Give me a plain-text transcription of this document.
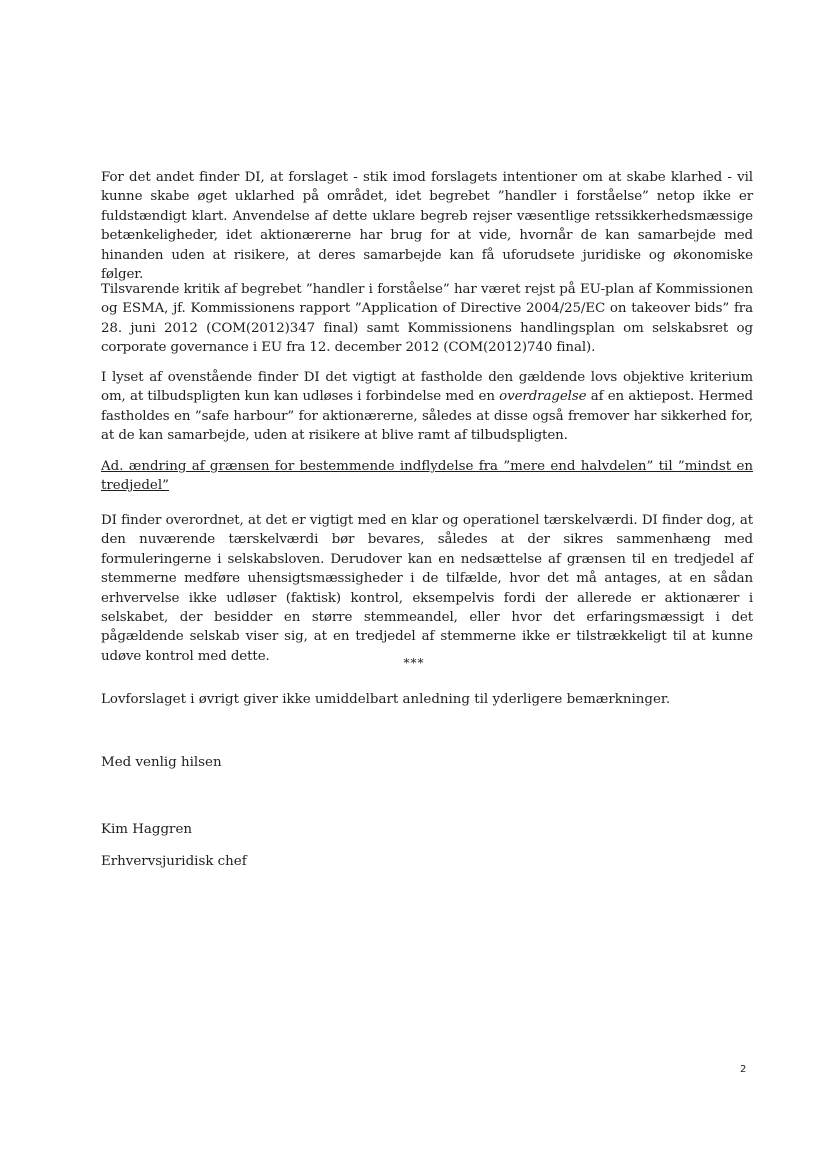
For det andet finder DI, at forslaget - stik imod forslagets intentioner om at skabe klarhed - vil kunne skabe øget uklarhed på området, idet begrebet ”handler i forståelse” netop ikke er fuldstændigt klart. Anvendelse af dette uklare begreb rejser væsentlige retssikkerhedsmæssige betænkeligheder, idet aktionærerne har brug for at vide, hvornår de kan samarbejde med hinanden uden at risikere, at deres samarbejde kan få uforudsete juridiske og økonomiske følger.

Tilsvarende kritik af begrebet ”handler i forståelse” har været rejst på EU-plan af Kommissionen og ESMA, jf. Kommissionens rapport ”Application of Directive 2004/25/EC on takeover bids” fra 28. juni 2012 (COM(2012)347 final) samt Kommissionens handlingsplan om selskabsret og corporate governance i EU fra 12. december 2012 (COM(2012)740 final).

I lyset af ovenstående finder DI det vigtigt at fastholde den gældende lovs objektive kriterium om, at tilbudspligten kun kan udløses i forbindelse med en overdragelse af en aktiepost. Hermed fastholdes en ”safe harbour” for aktionærerne, således at disse også fremover har sikkerhed for, at de kan samarbejde, uden at risikere at blive ramt af tilbudspligten.

Ad. ændring af grænsen for bestemmende indflydelse fra ”mere end halvdelen” til ”mindst en tredjedel”

DI finder overordnet, at det er vigtigt med en klar og operationel tærskelværdi. DI finder dog, at den nuværende tærskelværdi bør bevares, således at der sikres sammenhæng med formuleringerne i selskabsloven. Derudover kan en nedsættelse af grænsen til en tredjedel af stemmerne medføre uhensigtsmæssigheder i de tilfælde, hvor det må antages, at en sådan erhvervelse ikke udløser (faktisk) kontrol, eksempelvis fordi der allerede er aktionærer i selskabet, der besidder en større stemmeandel, eller hvor det erfaringsmæssigt i det pågældende selskab viser sig, at en tredjedel af stemmerne ikke er tilstrækkeligt til at kunne udøve kontrol med dette.	***

Lovforslaget i øvrigt giver ikke umiddelbart anledning til yderligere bemærkninger.

Med venlig hilsen

Kim Haggren

Erhvervsjuridisk chef

2
